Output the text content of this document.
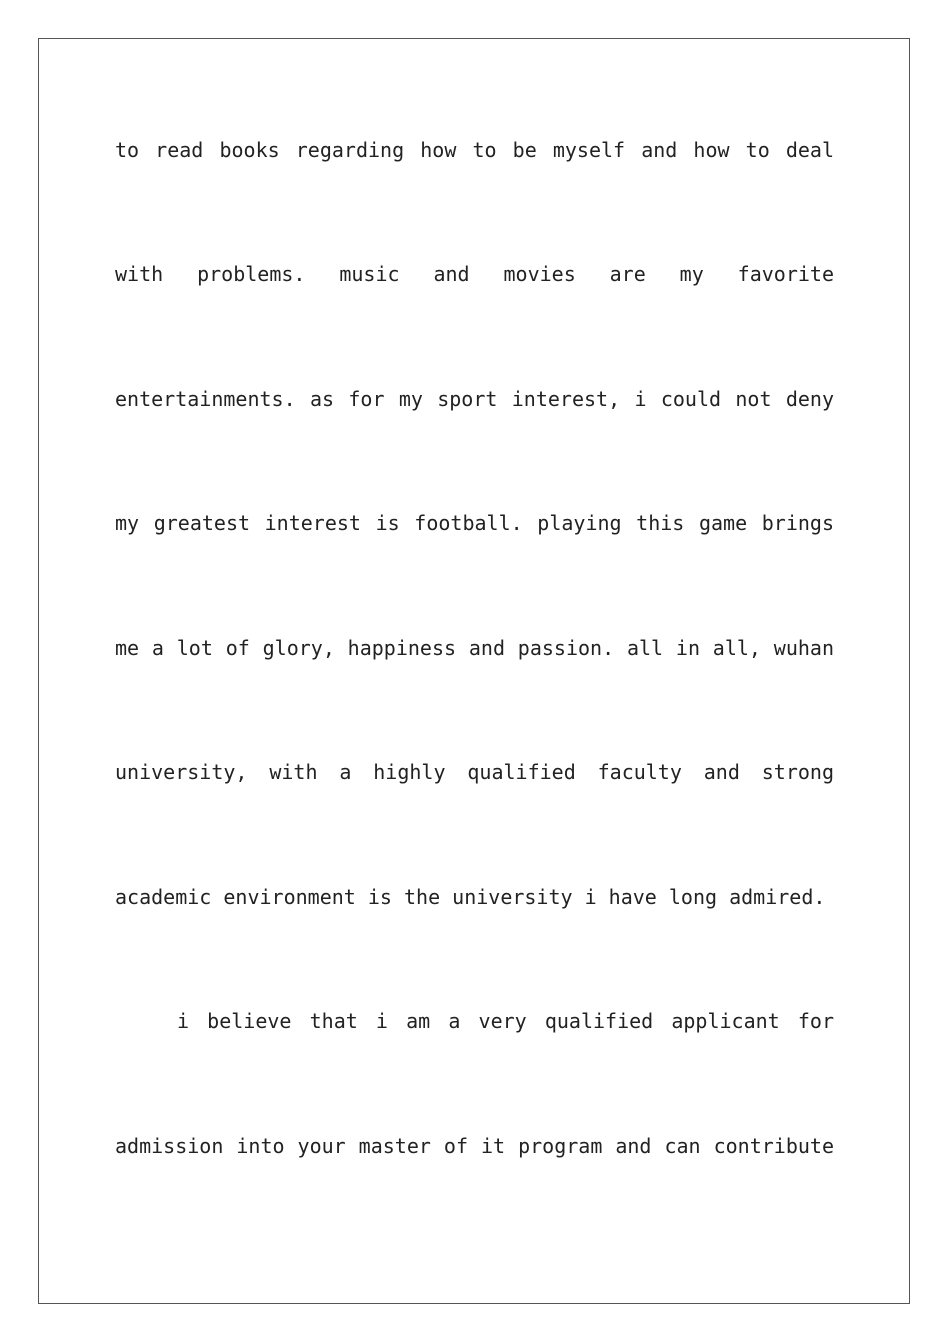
to read books regarding how to be myself and how to deal
with problems. music and movies are my favorite
entertainments. as for my sport interest, i could not deny
my greatest interest is football. playing this game brings
me a lot of glory, happiness and passion. all in all, wuhan
university, with a highly qualified faculty and strong
academic environment is the university i have long admired.
i believe that i am a very qualified applicant for
admission into your master of it program and can contribute
